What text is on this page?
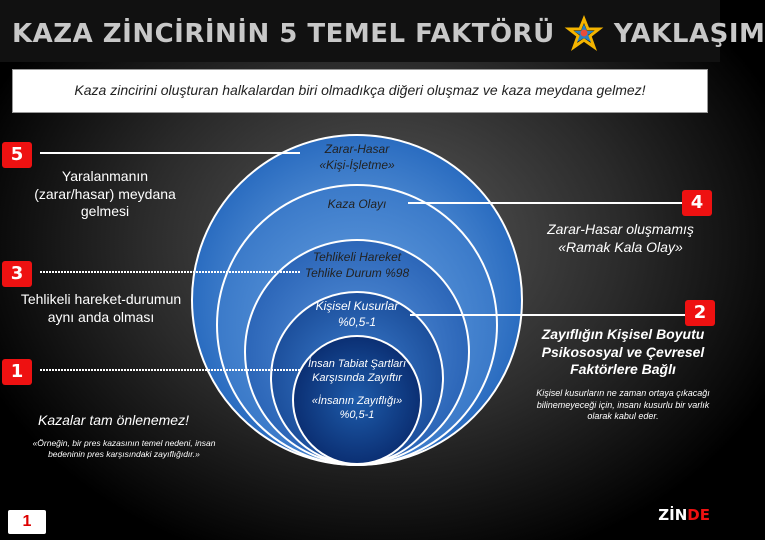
KAZA ZİNCİRİNİN 5 TEMEL FAKTÖRÜ YAKLAŞIM
Kaza zincirini oluşturan halkalardan biri olmadıkça diğeri oluşmaz ve kaza meydana gelmez!
Zarar-Hasar
«Kişi-İşletme»
Kaza Olayı
Tehlikeli Hareket
Tehlike Durum %98
Kişisel Kusurlar
%0,5-1
İnsan Tabiat Şartları
Karşısında Zayıftır
«İnsanın Zayıflığı»
%0,5-1
5
Yaralanmanın (zarar/hasar) meydana gelmesi
3
Tehlikeli hareket-durumun aynı anda olması
1
Kazalar tam önlenemez!
«Örneğin, bir pres kazasının temel nedeni, insan bedeninin pres karşısındaki zayıflığıdır.»
4
Zarar-Hasar oluşmamış «Ramak Kala Olay»
2
Zayıflığın Kişisel Boyutu Psikososyal ve Çevresel Faktörlere Bağlı
Kişisel kusurların ne zaman ortaya çıkacağı bilinemeyeceği için, insanı kusurlu bir varlık olarak kabul eder.
ZİNDE
1
